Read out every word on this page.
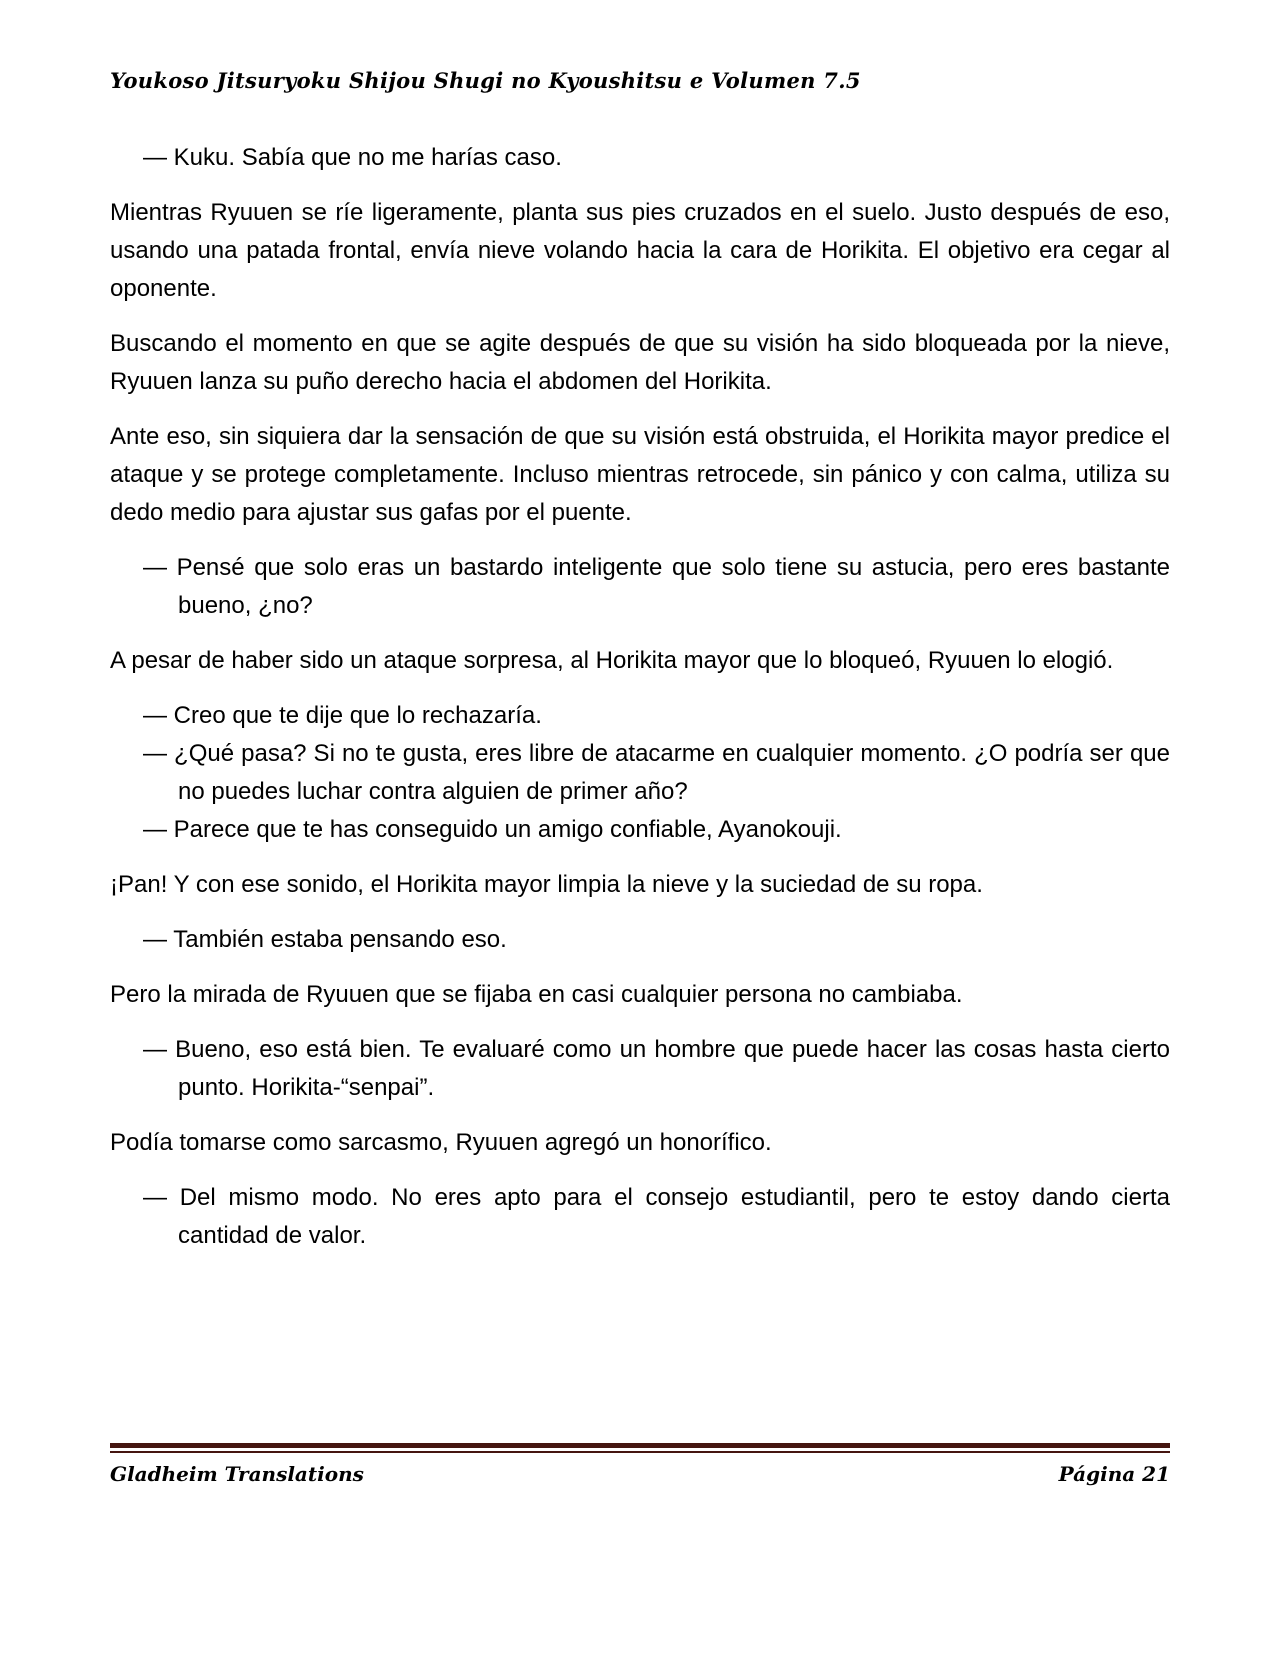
Youkoso Jitsuryoku Shijou Shugi no Kyoushitsu e Volumen 7.5

— Kuku. Sabía que no me harías caso.

Mientras Ryuuen se ríe ligeramente, planta sus pies cruzados en el suelo. Justo después de eso, usando una patada frontal, envía nieve volando hacia la cara de Horikita. El objetivo era cegar al oponente.

Buscando el momento en que se agite después de que su visión ha sido bloqueada por la nieve, Ryuuen lanza su puño derecho hacia el abdomen del Horikita.

Ante eso, sin siquiera dar la sensación de que su visión está obstruida, el Horikita mayor predice el ataque y se protege completamente. Incluso mientras retrocede, sin pánico y con calma, utiliza su dedo medio para ajustar sus gafas por el puente.

— Pensé que solo eras un bastardo inteligente que solo tiene su astucia, pero eres bastante bueno, ¿no?

A pesar de haber sido un ataque sorpresa, al Horikita mayor que lo bloqueó, Ryuuen lo elogió.

— Creo que te dije que lo rechazaría.

— ¿Qué pasa? Si no te gusta, eres libre de atacarme en cualquier momento. ¿O podría ser que no puedes luchar contra alguien de primer año?

— Parece que te has conseguido un amigo confiable, Ayanokouji.

¡Pan! Y con ese sonido, el Horikita mayor limpia la nieve y la suciedad de su ropa.

— También estaba pensando eso.

Pero la mirada de Ryuuen que se fijaba en casi cualquier persona no cambiaba.

— Bueno, eso está bien. Te evaluaré como un hombre que puede hacer las cosas hasta cierto punto. Horikita-“senpai”.

Podía tomarse como sarcasmo, Ryuuen agregó un honorífico.

— Del mismo modo. No eres apto para el consejo estudiantil, pero te estoy dando cierta cantidad de valor.

Gladheim Translations	Página 21
